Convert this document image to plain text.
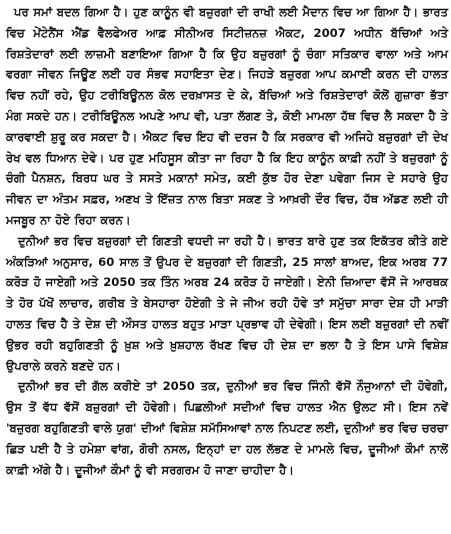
ਪਰ ਸਮਾਂ ਬਦਲ ਗਿਆ ਹੈ। ਹੁਣ ਕਾਨੂੰਨ ਵੀ ਬਜ਼ੁਰਗਾਂ ਦੀ ਰਾਖੀ ਲਈ ਮੈਦਾਨ ਵਿਚ ਆ ਗਿਆ ਹੈ। ਭਾਰਤ ਵਿਚ ਮੇਂਟੇਨੈਂਸ ਐਂਡ ਵੈਲਫੇਅਰ ਆਫ਼ ਸੀਨੀਅਰ ਸਿਟੀਜ਼ਨਜ਼ ਐਕਟ, 2007 ਅਧੀਨ ਬੱਚਿਆਂ ਅਤੇ ਰਿਸ਼ਤੇਦਾਰਾਂ ਲਈ ਲਾਜ਼ਮੀ ਬਣਾਇਆ ਗਿਆ ਹੈ ਕਿ ਉਹ ਬਜ਼ੁਰਗਾਂ ਨੂੰ ਚੰਗਾ ਸਤਿਕਾਰ ਵਾਲਾ ਅਤੇ ਆਮ ਵਰਗਾ ਜੀਵਨ ਜਿਊਣ ਲਈ ਹਰ ਸੰਭਵ ਸਹਾਇਤਾ ਦੇਣ। ਜਿਹੜੇ ਬਜ਼ੁਰਗ ਆਪ ਕਮਾਈ ਕਰਨ ਦੀ ਹਾਲਤ ਵਿਚ ਨਹੀਂ ਰਹੇ, ਉਹ ਟਰੀਬਿਊਨਲ ਕੋਲ ਦਰਖ਼ਾਸਤ ਦੇ ਕੇ, ਬੱਚਿਆਂ ਅਤੇ ਰਿਸ਼ਤੇਦਾਰਾਂ ਕੋਲੋਂ ਗੁਜ਼ਾਰਾ ਭੱਤਾ ਮੰਗ ਸਕਦੇ ਹਨ। ਟਰੀਬਿਊਨਲ ਅਪਣੇ ਆਪ ਵੀ, ਪਤਾ ਲੱਗਣ ਤੇ, ਕੋਈ ਮਾਮਲਾ ਹੱਥ ਵਿਚ ਲੈ ਸਕਦਾ ਹੈ ਤੇ ਕਾਰਵਾਈ ਸ਼ੁਰੂ ਕਰ ਸਕਦਾ ਹੈ। ਐਕਟ ਵਿਚ ਇਹ ਵੀ ਦਰਜ ਹੈ ਕਿ ਸਰਕਾਰ ਵੀ ਅਜਿਹੇ ਬਜ਼ੁਰਗਾਂ ਦੀ ਦੇਖ ਰੇਖ ਵਲ ਧਿਆਨ ਦੇਵੇ। ਪਰ ਹੁਣ ਮਹਿਸੂਸ ਕੀਤਾ ਜਾ ਰਿਹਾ ਹੈ ਕਿ ਇਹ ਕਾਨੂੰਨ ਕਾਫ਼ੀ ਨਹੀਂ ਤੇ ਬਜ਼ੁਰਗਾਂ ਨੂੰ ਚੰਗੀ ਪੈਨਸ਼ਨ, ਬਿਰਧ ਘਰ ਤੇ ਸਸਤੇ ਮਕਾਨਾਂ ਸਮੇਤ, ਕਈ ਕੁੱਝ ਹੋਰ ਦੇਣਾ ਪਵੇਗਾ ਜਿਸ ਦੇ ਸਹਾਰੇ ਉਹ ਜੀਵਨ ਦਾ ਅੰਤਮ ਸਫ਼ਰ, ਅਣਖ ਤੇ ਇੱਜ਼ਤ ਨਾਲ ਬਿਤਾ ਸਕਣ ਤੇ ਆਖ਼ਰੀ ਦੌਰ ਵਿਚ, ਹੱਥ ਅੱਡਣ ਲਈ ਹੀ ਮਜਬੂਰ ਨਾ ਹੋਏ ਰਿਹਾ ਕਰਨ।

ਦੁਨੀਆਂ ਭਰ ਵਿਚ ਬਜ਼ੁਰਗਾਂ ਦੀ ਗਿਣਤੀ ਵਧਦੀ ਜਾ ਰਹੀ ਹੈ। ਭਾਰਤ ਬਾਰੇ ਹੁਣ ਤਕ ਇਕੱਤਰ ਕੀਤੇ ਗਏ ਅੰਕੜਿਆਂ ਅਨੁਸਾਰ, 60 ਸਾਲ ਤੋਂ ਉਪਰ ਦੇ ਬਜ਼ੁਰਗਾਂ ਦੀ ਗਿਣਤੀ, 25 ਸਾਲਾਂ ਬਾਅਦ, ਇਕ ਅਰਬ 77 ਕਰੋੜ ਹੋ ਜਾਏਗੀ ਅਤੇ 2050 ਤਕ ਤਿੰਨ ਅਰਬ 24 ਕਰੋੜ ਹੋ ਜਾਏਗੀ। ਏਨੀ ਜ਼ਿਆਦਾ ਵੱਸੋਂ ਜੇ ਆਰਥਕ ਤੇ ਹੋਰ ਪੱਖੋਂ ਲਾਚਾਰ, ਗਰੀਬ ਤੇ ਬੇਸਹਾਰਾ ਹੋਏਗੀ ਤੇ ਜੇ ਜੀਅ ਰਹੀ ਹੋਵੇ ਤਾਂ ਸਮੁੱਚਾ ਸਾਰਾ ਦੇਸ਼ ਹੀ ਮਾੜੀ ਹਾਲਤ ਵਿਚ ਹੈ ਤੇ ਦੇਸ਼ ਦੀ ਔਸਤ ਹਾਲਤ ਬਹੁਤ ਮਾੜਾ ਪ੍ਰਭਾਵ ਹੀ ਦੇਵੇਗੀ। ਇਸ ਲਈ ਬਜ਼ੁਰਗਾਂ ਦੀ ਨਵੀਂ ਉਭਰ ਰਹੀ ਬਹੁਗਿਣਤੀ ਨੂੰ ਖ਼ੁਸ਼ ਅਤੇ ਖ਼ੁਸ਼ਹਾਲ ਰੱਖਣ ਵਿਚ ਹੀ ਦੇਸ਼ ਦਾ ਭਲਾ ਹੈ ਤੇ ਇਸ ਪਾਸੇ ਵਿਸ਼ੇਸ਼ ਉਪਰਾਲੇ ਕਰਨੇ ਬਣਦੇ ਹਨ।

ਦੁਨੀਆਂ ਭਰ ਦੀ ਗੱਲ ਕਰੀਏ ਤਾਂ 2050 ਤਕ, ਦੁਨੀਆਂ ਭਰ ਵਿਚ ਜਿੰਨੀ ਵੱਸੋਂ ਨੌਜੁਆਨਾਂ ਦੀ ਹੋਵੇਗੀ, ਉਸ ਤੋਂ ਵੱਧ ਵੱਸੋਂ ਬਜ਼ੁਰਗਾਂ ਦੀ ਹੋਵੇਗੀ। ਪਿਛਲੀਆਂ ਸਦੀਆਂ ਵਿਚ ਹਾਲਤ ਐਨ ਉਲਟ ਸੀ। ਇਸ ਨਵੇਂ 'ਬਜ਼ੁਰਗ ਬਹੁਗਿਣਤੀ ਵਾਲੇ ਯੁਗ' ਦੀਆਂ ਵਿਸ਼ੇਸ਼ ਸਮੱਸਿਆਵਾਂ ਨਾਲ ਨਿਪਟਣ ਲਈ, ਦੁਨੀਆਂ ਭਰ ਵਿਚ ਚਰਚਾ ਛਿੜ ਪਈ ਹੈ ਤੇ ਹਮੇਸ਼ਾ ਵਾਂਗ, ਗੋਰੀ ਨਸਲ, ਇਨ੍ਹਾਂ ਦਾ ਹਲ ਲੱਭਣ ਦੇ ਮਾਮਲੇ ਵਿਚ, ਦੂਜੀਆਂ ਕੌਮਾਂ ਨਾਲੋਂ ਕਾਫ਼ੀ ਅੱਗੇ ਹੈ। ਦੂਜੀਆਂ ਕੌਮਾਂ ਨੂੰ ਵੀ ਸਰਗਰਮ ਹੋ ਜਾਣਾ ਚਾਹੀਦਾ ਹੈ।
